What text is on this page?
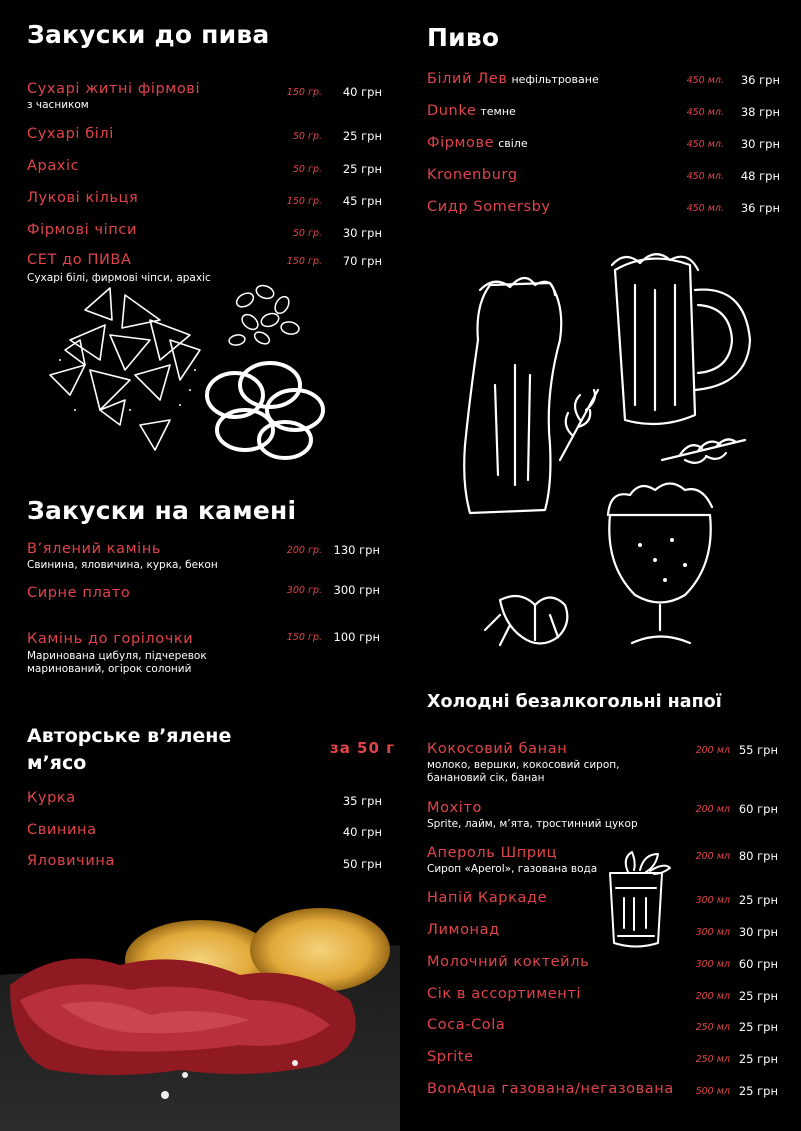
Закуски до пива
Сухарі житні фірмові
з часником
150 гр.	40 грн
Сухарі білі	50 гр.	25 грн
Арахіс	50 гр.	25 грн
Лукові кільця	150 гр.	45 грн
Фірмові чіпси	50 гр.	30 грн
СЕТ до ПИВА
Сухарі білі, фирмові чіпси, арахіс
150 гр.	70 грн
Закуски на камені
В’ялений камінь
Свинина, яловичина, курка, бекон
200 гр.	130 грн
Сирне плато	300 гр.	300 грн
Камінь до горілочки
Маринована цибуля, підчеревок маринований, огірок солоний
150 гр.	100 грн
Авторське в’ялене м’ясо
за 50 г
Курка	35 грн
Свинина	40 грн
Яловичина	50 грн
Пиво
Білий Лев нефільтроване	450 мл.	36 грн
Dunke темне	450 мл.	38 грн
Фірмове свіле	450 мл.	30 грн
Kronenburg	450 мл.	48 грн
Сидр Somersby	450 мл.	36 грн
Холодні безалкогольні напої
Кокосовий банан
молоко, вершки, кокосовий сироп, банановий сік, банан
200 мл 55 грн
Мохіто
Sprite, лайм, м’ята, тростинний цукор
200 мл 60 грн
Апероль Шприц
Сироп «Aperol», газована вода
200 мл 80 грн
Напій Каркаде	300 мл 25 грн
Лимонад	300 мл 30 грн
Молочний коктейль	300 мл 60 грн
Сік в ассортименті	200 мл 25 грн
Coca-Cola	250 мл 25 грн
Sprite	250 мл 25 грн
BonAqua газована/негазована	500 мл 25 грн
